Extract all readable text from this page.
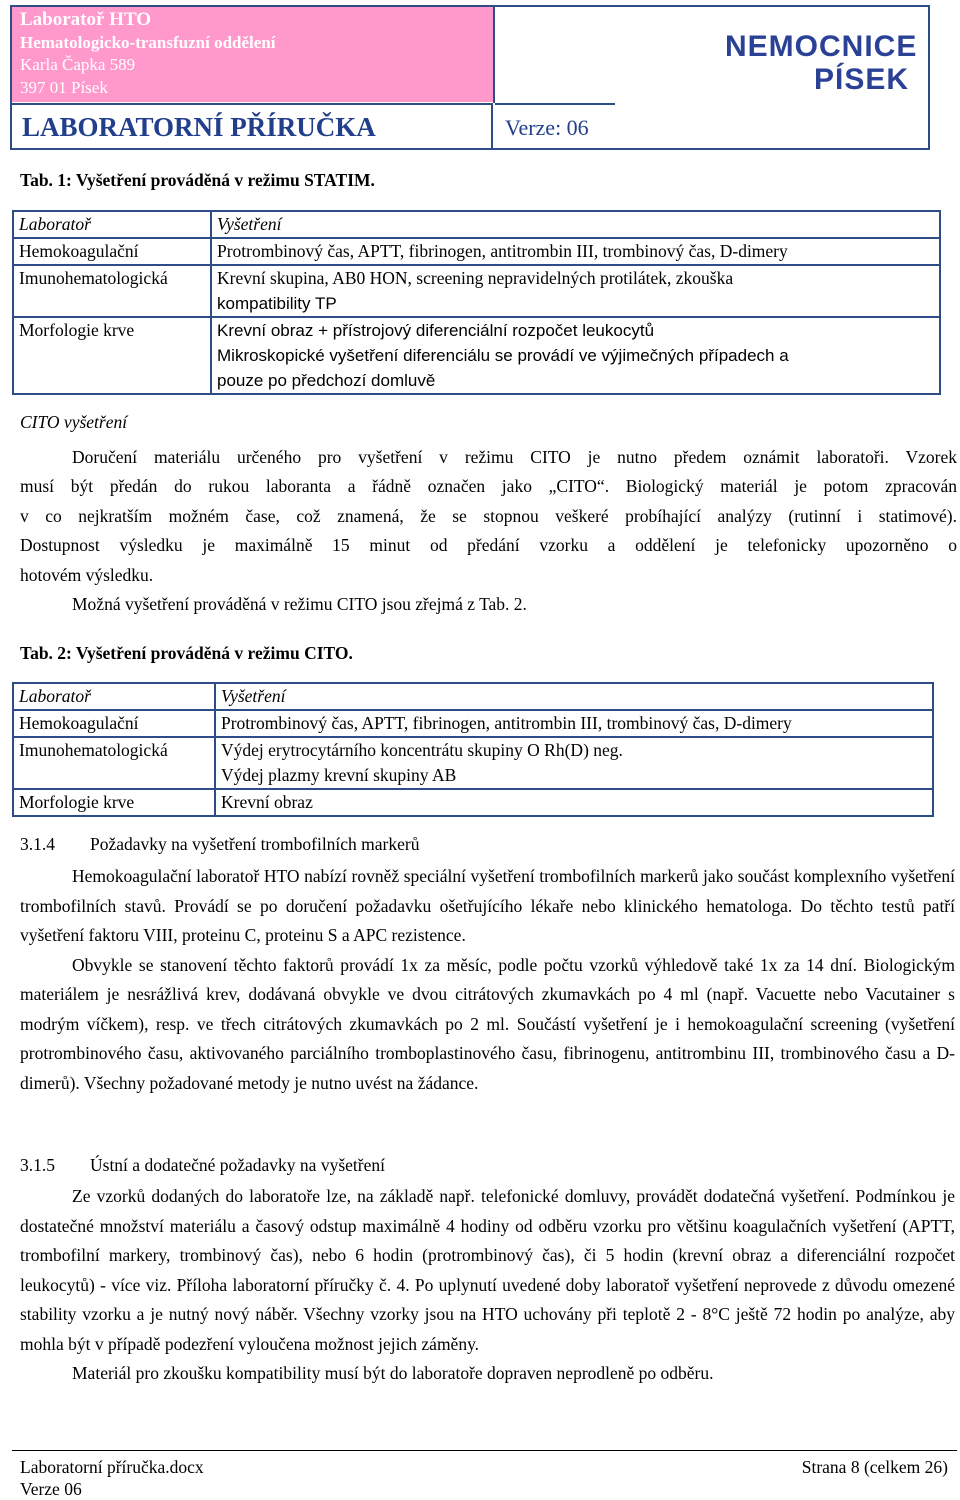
Laboratoř HTO
Hematologicko-transfuzní oddělení
Karla Čapka 589
397 01 Písek
LABORATORNÍ PŘÍRUČKA	Verze: 06
NEMOCNICE
PÍSEK
Tab. 1: Vyšetření prováděná v režimu STATIM.
Laboratoř	Vyšetření
Hemokoagulační	Protrombinový čas, APTT, fibrinogen, antitrombin III, trombinový čas, D-dimery
Imunohematologická	Krevní skupina, AB0 HON, screening nepravidelných protilátek, zkouška
kompatibility TP

Morfologie krve	Krevní obraz + přístrojový diferenciální rozpočet leukocytů
Mikroskopické vyšetření diferenciálu se provádí ve výjimečných případech a
pouze po předchozí domluvě
CITO vyšetření
Doručení materiálu určeného pro vyšetření v režimu CITO je nutno předem oznámit laboratoři. Vzorek
musí být předán do rukou laboranta a řádně označen jako „CITO“. Biologický materiál je potom zpracován
v co nejkratším možném čase, což znamená, že se stopnou veškeré probíhající analýzy (rutinní i statimové).
Dostupnost výsledku je maximálně 15 minut od předání vzorku a oddělení je telefonicky upozorněno o
hotovém výsledku.
Možná vyšetření prováděná v režimu CITO jsou zřejmá z Tab. 2.
Tab. 2: Vyšetření prováděná v režimu CITO.
Laboratoř	Vyšetření
Hemokoagulační	Protrombinový čas, APTT, fibrinogen, antitrombin III, trombinový čas, D-dimery
Imunohematologická	Výdej erytrocytárního koncentrátu skupiny O Rh(D) neg.
Výdej plazmy krevní skupiny AB

Morfologie krve	Krevní obraz
3.1.4 Požadavky na vyšetření trombofilních markerů

Hemokoagulační laboratoř HTO nabízí rovněž speciální vyšetření trombofilních markerů jako součást komplexního vyšetření trombofilních stavů. Provádí se po doručení požadavku ošetřujícího lékaře nebo klinického hematologa. Do těchto testů patří vyšetření faktoru VIII, proteinu C, proteinu S a APC rezistence.

Obvykle se stanovení těchto faktorů provádí 1x za měsíc, podle počtu vzorků výhledově také 1x za 14 dní. Biologickým materiálem je nesrážlivá krev, dodávaná obvykle ve dvou citrátových zkumavkách po 4 ml (např. Vacuette nebo Vacutainer s modrým víčkem), resp. ve třech citrátových zkumavkách po 2 ml. Součástí vyšetření je i hemokoagulační screening (vyšetření protrombinového času, aktivovaného parciálního tromboplastinového času, fibrinogenu, antitrombinu III, trombinového času a D-dimerů). Všechny požadované metody je nutno uvést na žádance.

3.1.5 Ústní a dodatečné požadavky na vyšetření

Ze vzorků dodaných do laboratoře lze, na základě např. telefonické domluvy, provádět dodatečná vyšetření. Podmínkou je dostatečné množství materiálu a časový odstup maximálně 4 hodiny od odběru vzorku pro většinu koagulačních vyšetření (APTT, trombofilní markery, trombinový čas), nebo 6 hodin (protrombinový čas), či 5 hodin (krevní obraz a diferenciální rozpočet leukocytů) - více viz. Příloha laboratorní příručky č. 4. Po uplynutí uvedené doby laboratoř vyšetření neprovede z důvodu omezené stability vzorku a je nutný nový náběr. Všechny vzorky jsou na HTO uchovány při teplotě 2 - 8°C ještě 72 hodin po analýze, aby mohla být v případě podezření vyloučena možnost jejich záměny.

Materiál pro zkoušku kompatibility musí být do laboratoře dopraven neprodleně po odběru.

Laboratorní příručka.docx
Verze 06
Strana 8 (celkem 26)
